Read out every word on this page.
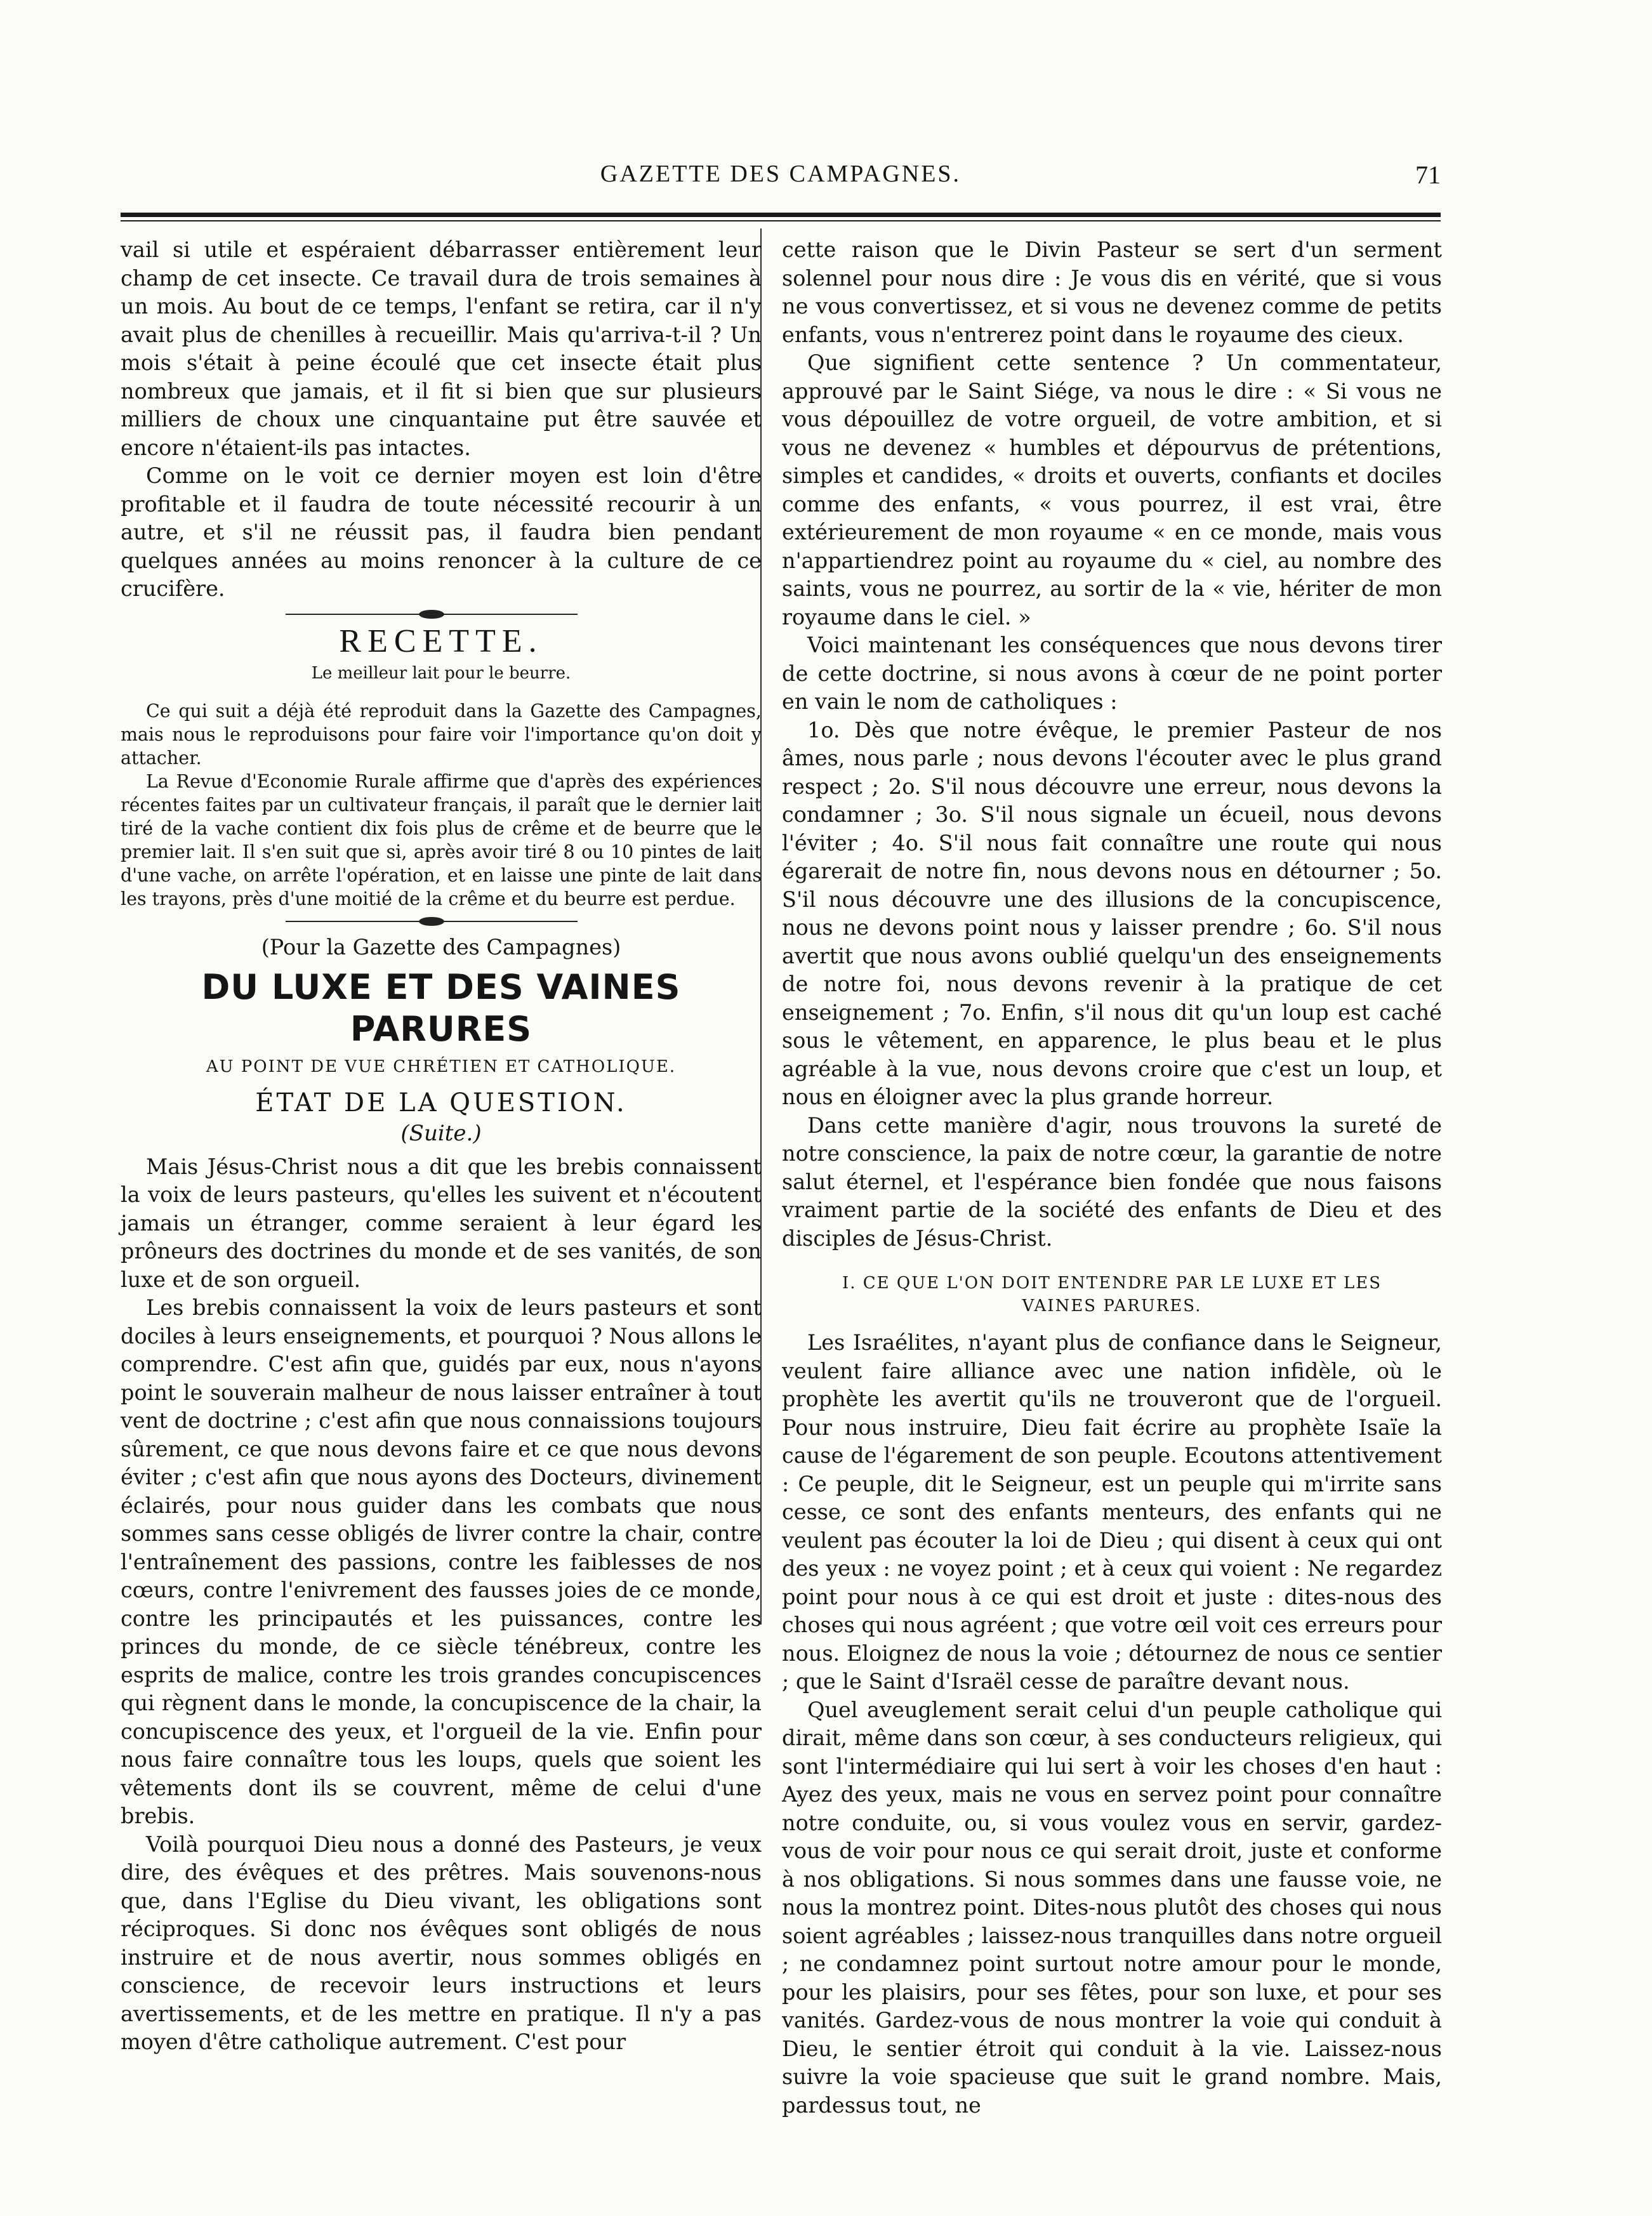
GAZETTE DES CAMPAGNES.	71

vail si utile et espéraient débarrasser entièrement leur champ de cet insecte. Ce travail dura de trois semaines à un mois. Au bout de ce temps, l'enfant se retira, car il n'y avait plus de chenilles à recueillir. Mais qu'arriva-t-il ? Un mois s'était à peine écoulé que cet insecte était plus nombreux que jamais, et il fit si bien que sur plusieurs milliers de choux une cinquantaine put être sauvée et encore n'étaient-ils pas intactes.

Comme on le voit ce dernier moyen est loin d'être profitable et il faudra de toute nécessité recourir à un autre, et s'il ne réussit pas, il faudra bien pendant quelques années au moins renoncer à la culture de ce crucifère.

RECETTE.
Le meilleur lait pour le beurre.

Ce qui suit a déjà été reproduit dans la Gazette des Campagnes, mais nous le reproduisons pour faire voir l'importance qu'on doit y attacher.

La Revue d'Economie Rurale affirme que d'après des expériences récentes faites par un cultivateur français, il paraît que le dernier lait tiré de la vache contient dix fois plus de crême et de beurre que le premier lait. Il s'en suit que si, après avoir tiré 8 ou 10 pintes de lait d'une vache, on arrête l'opération, et en laisse une pinte de lait dans les trayons, près d'une moitié de la crême et du beurre est perdue.

(Pour la Gazette des Campagnes)
DU LUXE ET DES VAINES PARURES
AU POINT DE VUE CHRÉTIEN ET CATHOLIQUE.
ÉTAT DE LA QUESTION.
(Suite.)

Mais Jésus-Christ nous a dit que les brebis connaissent la voix de leurs pasteurs, qu'elles les suivent et n'écoutent jamais un étranger, comme seraient à leur égard les prôneurs des doctrines du monde et de ses vanités, de son luxe et de son orgueil.

Les brebis connaissent la voix de leurs pasteurs et sont dociles à leurs enseignements, et pourquoi ? Nous allons le comprendre. C'est afin que, guidés par eux, nous n'ayons point le souverain malheur de nous laisser entraîner à tout vent de doctrine ; c'est afin que nous connaissions toujours sûrement, ce que nous devons faire et ce que nous devons éviter ; c'est afin que nous ayons des Docteurs, divinement éclairés, pour nous guider dans les combats que nous sommes sans cesse obligés de livrer contre la chair, contre l'entraînement des passions, contre les faiblesses de nos cœurs, contre l'enivrement des fausses joies de ce monde, contre les principautés et les puissances, contre les princes du monde, de ce siècle ténébreux, contre les esprits de malice, contre les trois grandes concupiscences qui règnent dans le monde, la concupiscence de la chair, la concupiscence des yeux, et l'orgueil de la vie. Enfin pour nous faire connaître tous les loups, quels que soient les vêtements dont ils se couvrent, même de celui d'une brebis.

Voilà pourquoi Dieu nous a donné des Pasteurs, je veux dire, des évêques et des prêtres. Mais souvenons-nous que, dans l'Eglise du Dieu vivant, les obligations sont réciproques. Si donc nos évêques sont obligés de nous instruire et de nous avertir, nous sommes obligés en conscience, de recevoir leurs instructions et leurs avertissements, et de les mettre en pratique. Il n'y a pas moyen d'être catholique autrement. C'est pour

cette raison que le Divin Pasteur se sert d'un serment solennel pour nous dire : Je vous dis en vérité, que si vous ne vous convertissez, et si vous ne devenez comme de petits enfants, vous n'entrerez point dans le royaume des cieux.

Que signifient cette sentence ? Un commentateur, approuvé par le Saint Siége, va nous le dire : « Si vous ne vous dépouillez de votre orgueil, de votre ambition, et si vous ne devenez « humbles et dépourvus de prétentions, simples et candides, « droits et ouverts, confiants et dociles comme des enfants, « vous pourrez, il est vrai, être extérieurement de mon royaume « en ce monde, mais vous n'appartiendrez point au royaume du « ciel, au nombre des saints, vous ne pourrez, au sortir de la « vie, hériter de mon royaume dans le ciel. »

Voici maintenant les conséquences que nous devons tirer de cette doctrine, si nous avons à cœur de ne point porter en vain le nom de catholiques :

1o. Dès que notre évêque, le premier Pasteur de nos âmes, nous parle ; nous devons l'écouter avec le plus grand respect ; 2o. S'il nous découvre une erreur, nous devons la condamner ; 3o. S'il nous signale un écueil, nous devons l'éviter ; 4o. S'il nous fait connaître une route qui nous égarerait de notre fin, nous devons nous en détourner ; 5o. S'il nous découvre une des illusions de la concupiscence, nous ne devons point nous y laisser prendre ; 6o. S'il nous avertit que nous avons oublié quelqu'un des enseignements de notre foi, nous devons revenir à la pratique de cet enseignement ; 7o. Enfin, s'il nous dit qu'un loup est caché sous le vêtement, en apparence, le plus beau et le plus agréable à la vue, nous devons croire que c'est un loup, et nous en éloigner avec la plus grande horreur.

Dans cette manière d'agir, nous trouvons la sureté de notre conscience, la paix de notre cœur, la garantie de notre salut éternel, et l'espérance bien fondée que nous faisons vraiment partie de la société des enfants de Dieu et des disciples de Jésus-Christ.

I. CE QUE L'ON DOIT ENTENDRE PAR LE LUXE ET LES
VAINES PARURES.

Les Israélites, n'ayant plus de confiance dans le Seigneur, veulent faire alliance avec une nation infidèle, où le prophète les avertit qu'ils ne trouveront que de l'orgueil. Pour nous instruire, Dieu fait écrire au prophète Isaïe la cause de l'égarement de son peuple. Ecoutons attentivement : Ce peuple, dit le Seigneur, est un peuple qui m'irrite sans cesse, ce sont des enfants menteurs, des enfants qui ne veulent pas écouter la loi de Dieu ; qui disent à ceux qui ont des yeux : ne voyez point ; et à ceux qui voient : Ne regardez point pour nous à ce qui est droit et juste : dites-nous des choses qui nous agréent ; que votre œil voit ces erreurs pour nous. Eloignez de nous la voie ; détournez de nous ce sentier ; que le Saint d'Israël cesse de paraître devant nous.

Quel aveuglement serait celui d'un peuple catholique qui dirait, même dans son cœur, à ses conducteurs religieux, qui sont l'intermédiaire qui lui sert à voir les choses d'en haut : Ayez des yeux, mais ne vous en servez point pour connaître notre conduite, ou, si vous voulez vous en servir, gardez-vous de voir pour nous ce qui serait droit, juste et conforme à nos obligations. Si nous sommes dans une fausse voie, ne nous la montrez point. Dites-nous plutôt des choses qui nous soient agréables ; laissez-nous tranquilles dans notre orgueil ; ne condamnez point surtout notre amour pour le monde, pour les plaisirs, pour ses fêtes, pour son luxe, et pour ses vanités. Gardez-vous de nous montrer la voie qui conduit à Dieu, le sentier étroit qui conduit à la vie. Laissez-nous suivre la voie spacieuse que suit le grand nombre. Mais, pardessus tout, ne
